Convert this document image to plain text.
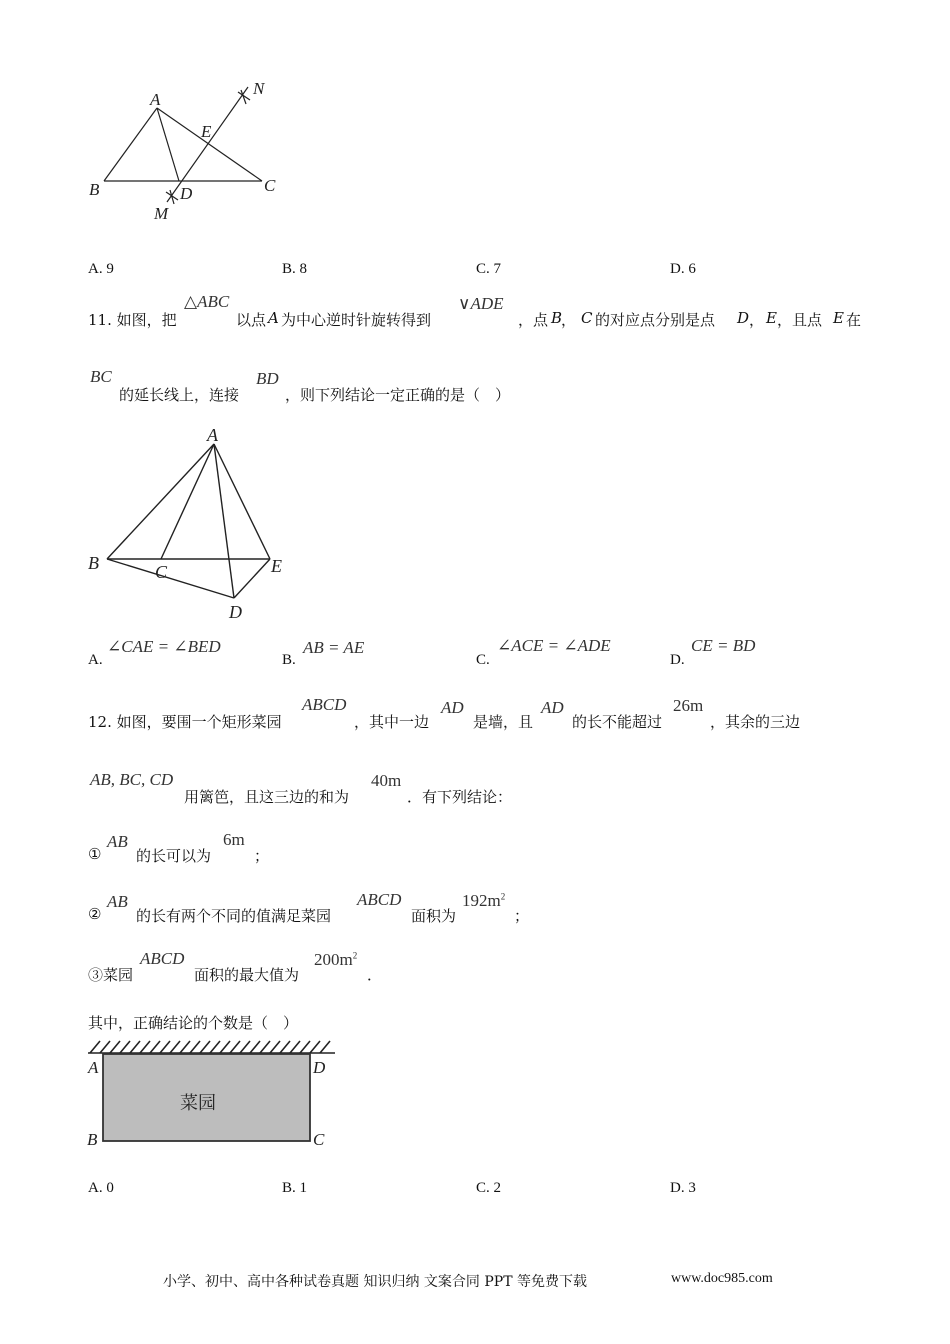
A
N
E
B	D	C
M
A. 9	B. 8	C. 7	D. 6
11. 如图，把
△ABC
以点 A 为中心逆时针旋转得到
∨ADE
，点 B
， C 的对应点分别是点 D ， E ，且点 E 在
BC
的延长线上，连接
BD
，则下列结论一定正确的是（　）
A
B	C	E
D
A.
∠CAE = ∠BED
B.
AB = AE
C.
∠ACE = ∠ADE
D.
CE = BD
12. 如图，要围一个矩形菜园
ABCD
，其中一边
AD
是墙，且
AD
的长不能超过
26m
，其余的三边
AB, BC, CD
用篱笆，且这三边的和为
40m
．有下列结论：
①
AB
的长可以为
6m
；
②
AB
的长有两个不同的值满足菜园
ABCD
面积为
$192m^2$
；
③菜园
ABCD
面积的最大值为
$200m^2$
．
其中，正确结论的个数是（　）
菜园
A	D
B	C
A. 0	B. 1	C. 2	D. 3
小学、初中、高中各种试卷真题 知识归纳 文案合同 PPT 等免费下载	www.doc985.com
